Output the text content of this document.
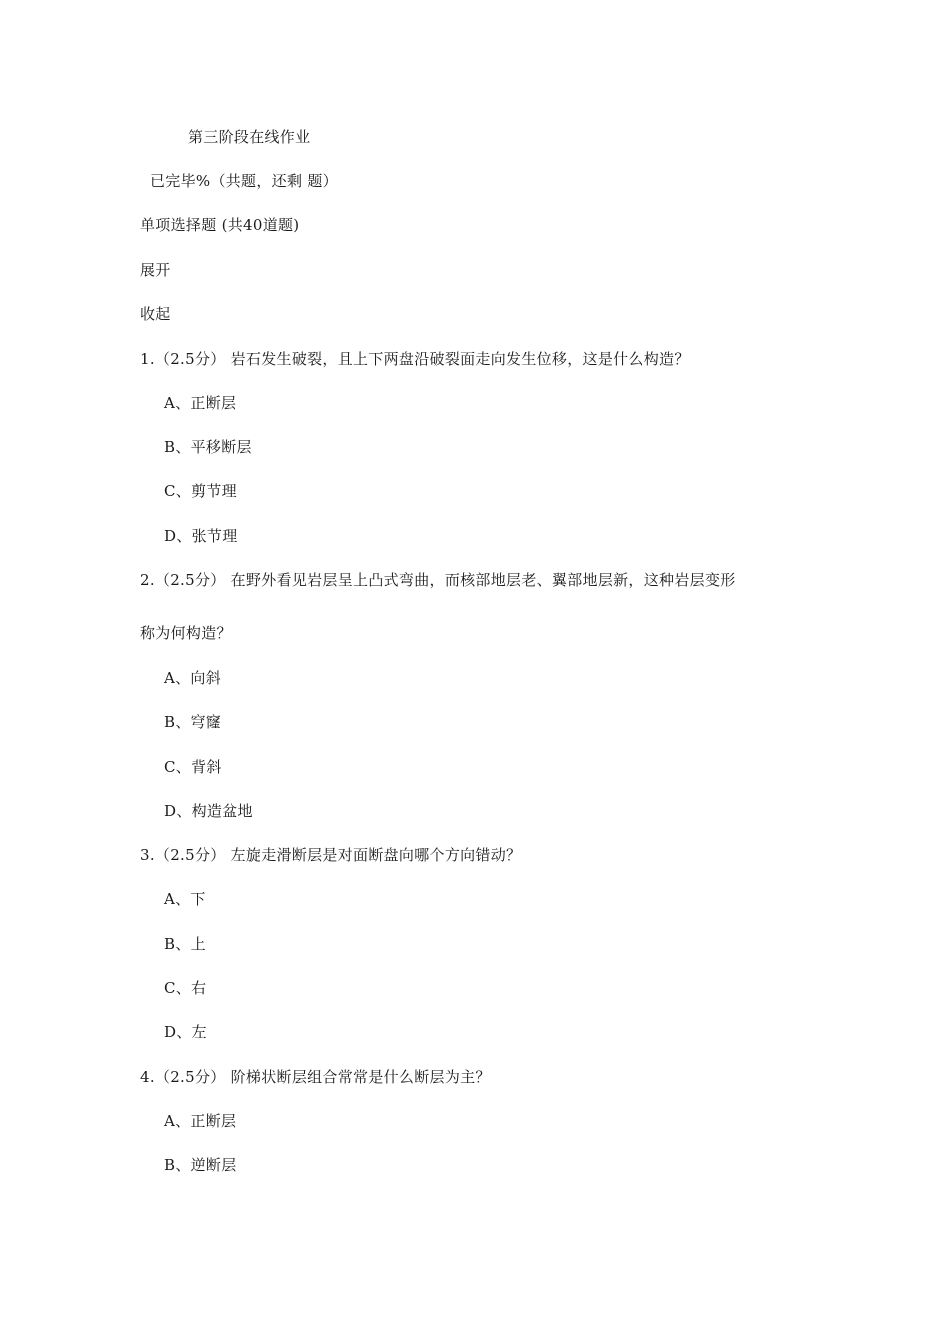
第三阶段在线作业
已完毕%（共题，还剩 题）
单项选择题 (共40道题)
展开
收起
1.（2.5分） 岩石发生破裂，且上下两盘沿破裂面走向发生位移，这是什么构造？
A、正断层
B、平移断层
C、剪节理
D、张节理
2.（2.5分） 在野外看见岩层呈上凸式弯曲，而核部地层老、翼部地层新，这种岩层变形
称为何构造？
A、向斜
B、穹窿
C、背斜
D、构造盆地
3.（2.5分） 左旋走滑断层是对面断盘向哪个方向错动？
A、下
B、上
C、右
D、左
4.（2.5分） 阶梯状断层组合常常是什么断层为主？
A、正断层
B、逆断层
